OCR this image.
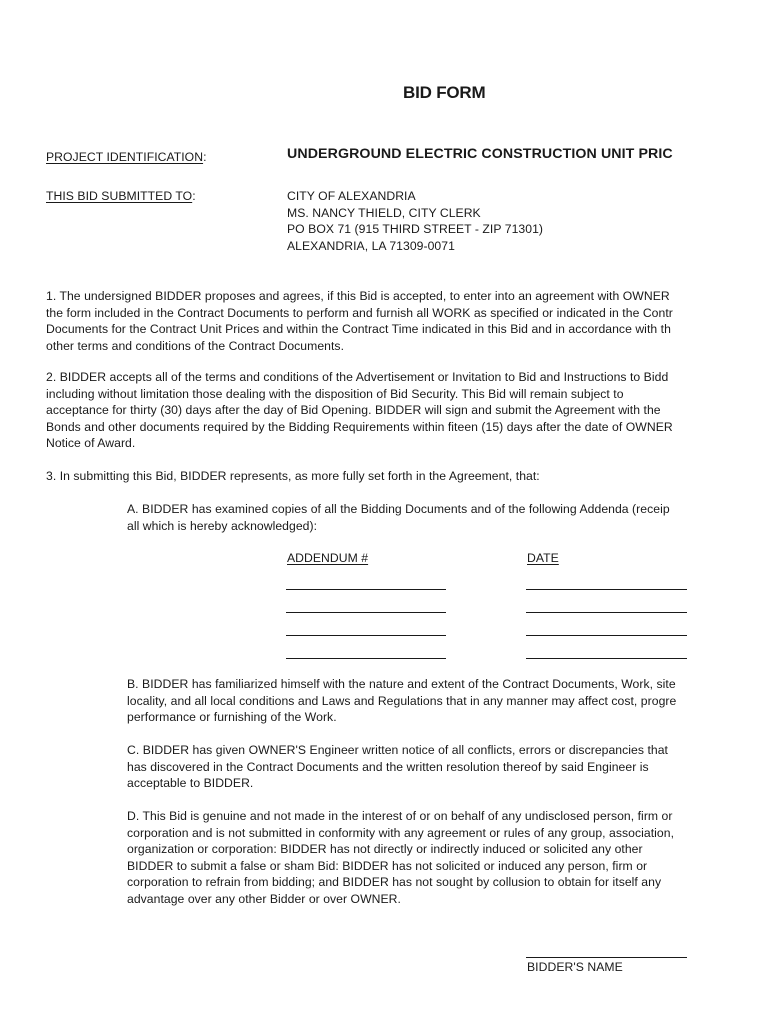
BID FORM
PROJECT IDENTIFICATION:	UNDERGROUND ELECTRIC CONSTRUCTION UNIT PRIC
THIS BID SUBMITTED TO:	CITY OF ALEXANDRIA
MS. NANCY THIELD, CITY CLERK
PO BOX 71 (915 THIRD STREET - ZIP 71301)
ALEXANDRIA, LA 71309-0071
1. The undersigned BIDDER proposes and agrees, if this Bid is accepted, to enter into an agreement with OWNER
the form included in the Contract Documents to perform and furnish all WORK as specified or indicated in the Contr
Documents for the Contract Unit Prices and within the Contract Time indicated in this Bid and in accordance with th
other terms and conditions of the Contract Documents.
2. BIDDER accepts all of the terms and conditions of the Advertisement or Invitation to Bid and Instructions to Bidd
including without limitation those dealing with the disposition of Bid Security. This Bid will remain subject to
acceptance for thirty (30) days after the day of Bid Opening. BIDDER will sign and submit the Agreement with the
Bonds and other documents required by the Bidding Requirements within fiteen (15) days after the date of OWNER
Notice of Award.
3. In submitting this Bid, BIDDER represents, as more fully set forth in the Agreement, that:
A. BIDDER has examined copies of all the Bidding Documents and of the following Addenda (receip
all which is hereby acknowledged):
ADDENDUM #	DATE
B. BIDDER has familiarized himself with the nature and extent of the Contract Documents, Work, site
locality, and all local conditions and Laws and Regulations that in any manner may affect cost, progre
performance or furnishing of the Work.
C. BIDDER has given OWNER'S Engineer written notice of all conflicts, errors or discrepancies that
has discovered in the Contract Documents and the written resolution thereof by said Engineer is
acceptable to BIDDER.
D. This Bid is genuine and not made in the interest of or on behalf of any undisclosed person, firm or
corporation and is not submitted in conformity with any agreement or rules of any group, association,
organization or corporation: BIDDER has not directly or indirectly induced or solicited any other
BIDDER to submit a false or sham Bid: BIDDER has not solicited or induced any person, firm or
corporation to refrain from bidding; and BIDDER has not sought by collusion to obtain for itself any
advantage over any other Bidder or over OWNER.
BIDDER'S NAME
